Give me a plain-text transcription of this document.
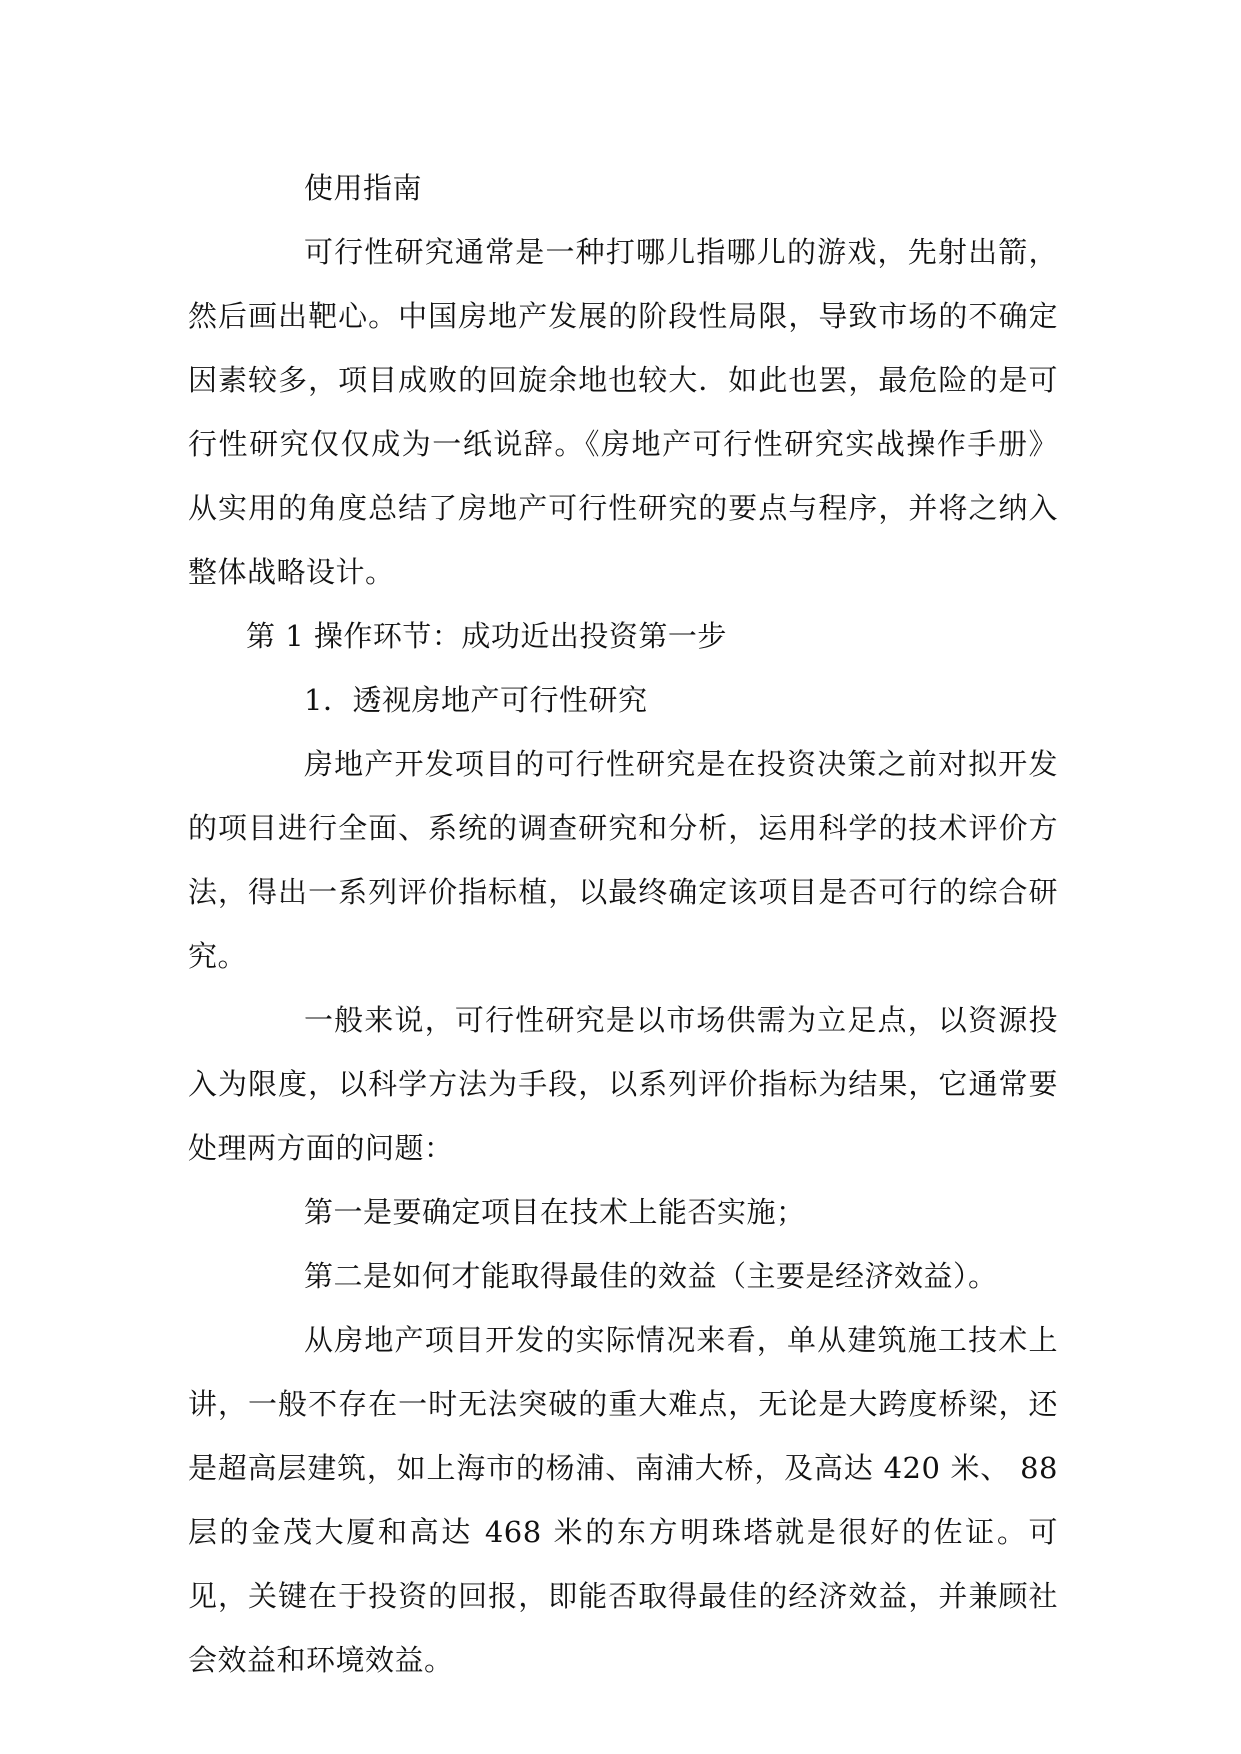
使用指南

可行性研究通常是一种打哪儿指哪儿的游戏，先射出箭，然后画出靶心。中国房地产发展的阶段性局限，导致市场的不确定因素较多，项目成败的回旋余地也较大．如此也罢，最危险的是可行性研究仅仅成为一纸说辞。《房地产可行性研究实战操作手册》从实用的角度总结了房地产可行性研究的要点与程序，并将之纳入整体战略设计。

第 1 操作环节：成功近出投资第一步

1．透视房地产可行性研究

房地产开发项目的可行性研究是在投资决策之前对拟开发的项目进行全面、系统的调查研究和分析，运用科学的技术评价方法，得出一系列评价指标植，以最终确定该项目是否可行的综合研究。

一般来说，可行性研究是以市场供需为立足点，以资源投入为限度，以科学方法为手段，以系列评价指标为结果，它通常要处理两方面的问题：

第一是要确定项目在技术上能否实施；

第二是如何才能取得最佳的效益（主要是经济效益）。

从房地产项目开发的实际情况来看，单从建筑施工技术上讲，一般不存在一时无法突破的重大难点，无论是大跨度桥梁，还是超高层建筑，如上海市的杨浦、南浦大桥，及高达 420 米、 88 层的金茂大厦和高达 468 米的东方明珠塔就是很好的佐证。可见，关键在于投资的回报，即能否取得最佳的经济效益，并兼顾社会效益和环境效益。
